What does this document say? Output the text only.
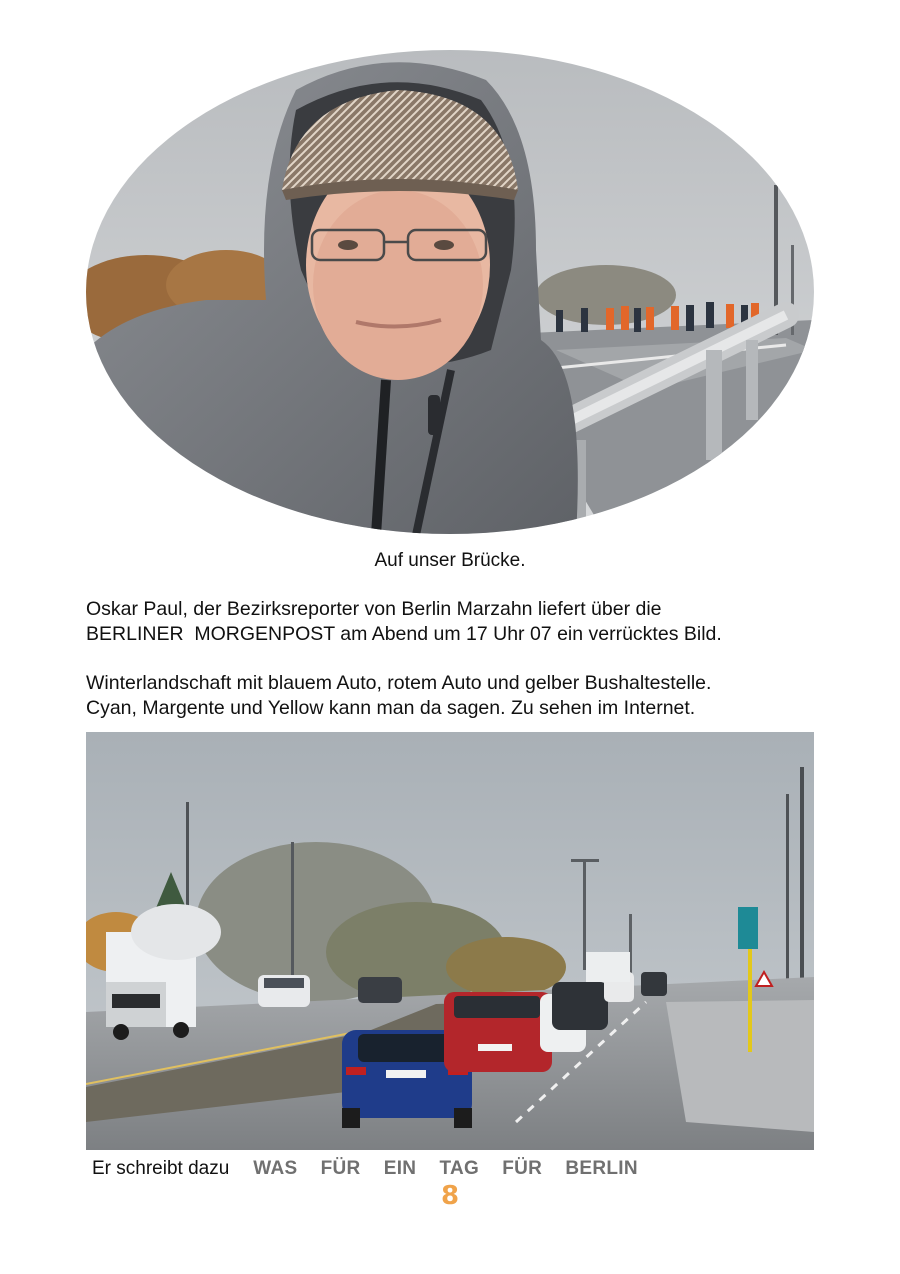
Auf unser Brücke.
Oskar Paul, der Bezirksreporter von Berlin Marzahn liefert über die
BERLINER  MORGENPOST am Abend um 17 Uhr 07 ein verrücktes Bild.
Winterlandschaft mit blauem Auto, rotem Auto und gelber Bushaltestelle.
Cyan, Margente und Yellow kann man da sagen. Zu sehen im Internet.
Er schreibt dazu WAS  FÜR  EIN  TAG  FÜR  BERLIN
8
